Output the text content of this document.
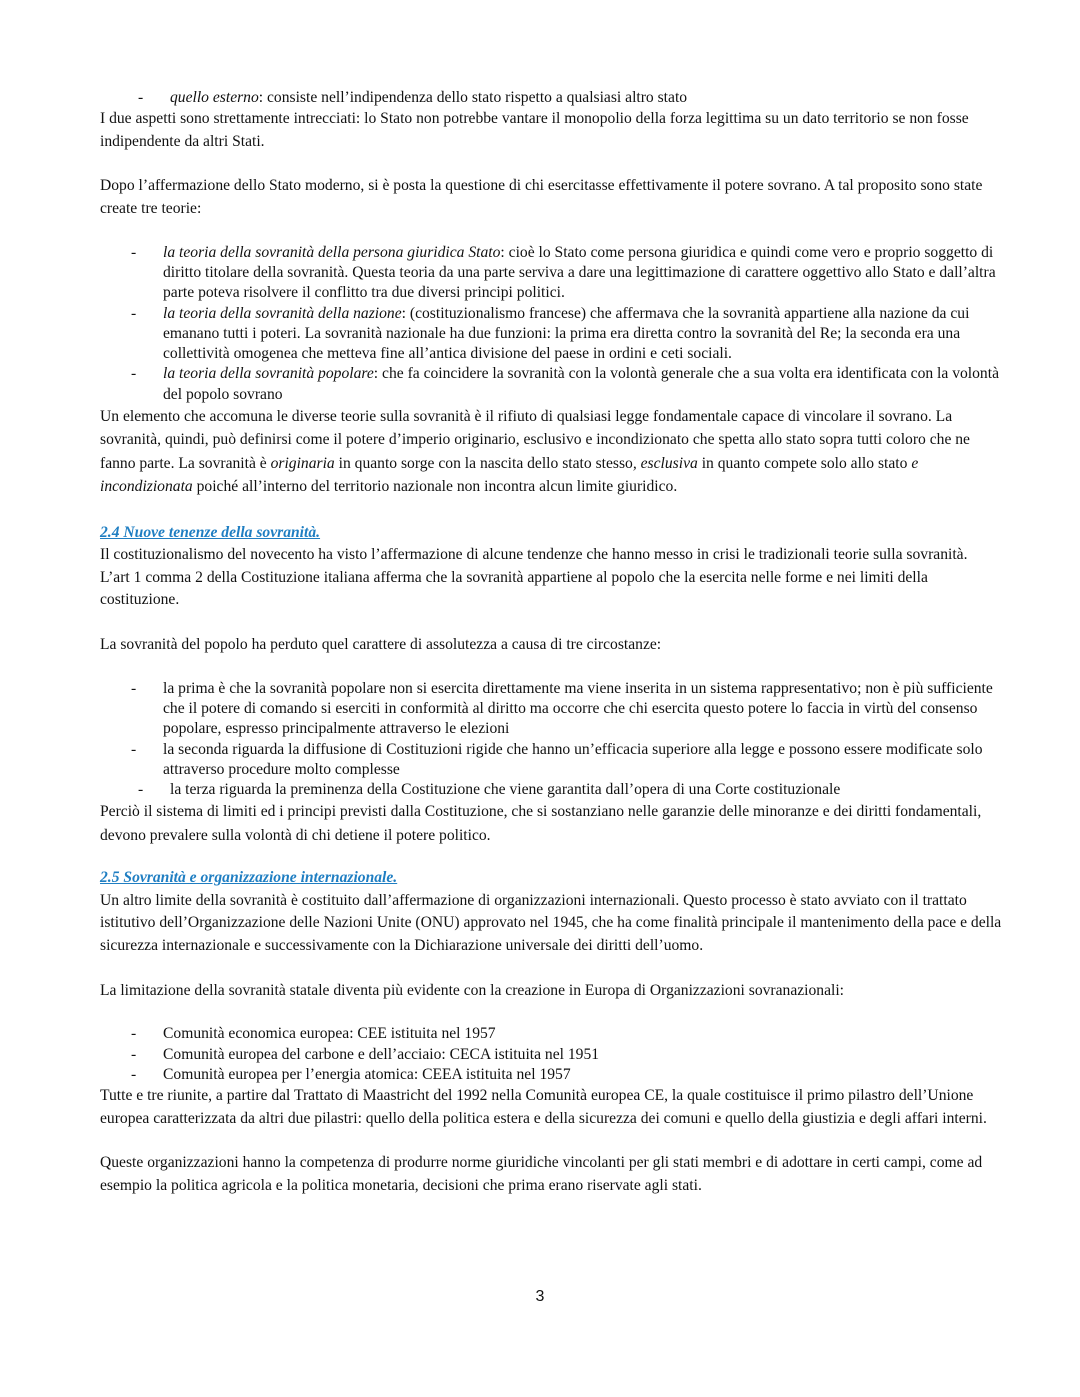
- quello esterno: consiste nell’indipendenza dello stato rispetto a qualsiasi altro stato

I due aspetti sono strettamente intrecciati: lo Stato non potrebbe vantare il monopolio della forza legittima su un dato territorio se non fosse indipendente da altri Stati.

Dopo l’affermazione dello Stato moderno, si è posta la questione di chi esercitasse effettivamente il potere sovrano. A tal proposito sono state create tre teorie:

- la teoria della sovranità della persona giuridica Stato: cioè lo Stato come persona giuridica e quindi come vero e proprio soggetto di diritto titolare della sovranità. Questa teoria da una parte serviva a dare una legittimazione di carattere oggettivo allo Stato e dall’altra parte poteva risolvere il conflitto tra due diversi principi politici.
- la teoria della sovranità della nazione: (costituzionalismo francese) che affermava che la sovranità appartiene alla nazione da cui emanano tutti i poteri. La sovranità nazionale ha due funzioni: la prima era diretta contro la sovranità del Re; la seconda era una collettività omogenea che metteva fine all’antica divisione del paese in ordini e ceti sociali.
- la teoria della sovranità popolare: che fa coincidere la sovranità con la volontà generale che a sua volta era identificata con la volontà del popolo sovrano

Un elemento che accomuna le diverse teorie sulla sovranità è il rifiuto di qualsiasi legge fondamentale capace di vincolare il sovrano. La sovranità, quindi, può definirsi come il potere d’imperio originario, esclusivo e incondizionato che spetta allo stato sopra tutti coloro che ne fanno parte. La sovranità è originaria in quanto sorge con la nascita dello stato stesso, esclusiva in quanto compete solo allo stato e incondizionata poiché all’interno del territorio nazionale non incontra alcun limite giuridico.

2.4 Nuove tenenze della sovranità.

Il costituzionalismo del novecento ha visto l’affermazione di alcune tendenze che hanno messo in crisi le tradizionali teorie sulla sovranità.

L’art 1 comma 2 della Costituzione italiana afferma che la sovranità appartiene al popolo che la esercita nelle forme e nei limiti della costituzione.

La sovranità del popolo ha perduto quel carattere di assolutezza a causa di tre circostanze:

- la prima è che la sovranità popolare non si esercita direttamente ma viene inserita in un sistema rappresentativo; non è più sufficiente che il potere di comando si eserciti in conformità al diritto ma occorre che chi esercita questo potere lo faccia in virtù del consenso popolare, espresso principalmente attraverso le elezioni
- la seconda riguarda la diffusione di Costituzioni rigide che hanno un’efficacia superiore alla legge e possono essere modificate solo attraverso procedure molto complesse
- la terza riguarda la preminenza della Costituzione che viene garantita dall’opera di una Corte costituzionale

Perciò il sistema di limiti ed i principi previsti dalla Costituzione, che si sostanziano nelle garanzie delle minoranze e dei diritti fondamentali, devono prevalere sulla volontà di chi detiene il potere politico.

2.5 Sovranità e organizzazione internazionale.

Un altro limite della sovranità è costituito dall’affermazione di organizzazioni internazionali. Questo processo è stato avviato con il trattato istitutivo dell’Organizzazione delle Nazioni Unite (ONU) approvato nel 1945, che ha come finalità principale il mantenimento della pace e della sicurezza internazionale e successivamente con la Dichiarazione universale dei diritti dell’uomo.

La limitazione della sovranità statale diventa più evidente con la creazione in Europa di Organizzazioni sovranazionali:

- Comunità economica europea: CEE istituita nel 1957
- Comunità europea del carbone e dell’acciaio: CECA istituita nel 1951
- Comunità europea per l’energia atomica: CEEA istituita nel 1957

Tutte e tre riunite, a partire dal Trattato di Maastricht del 1992 nella Comunità europea CE, la quale costituisce il primo pilastro dell’Unione europea caratterizzata da altri due pilastri: quello della politica estera e della sicurezza dei comuni e quello della giustizia e degli affari interni.

Queste organizzazioni hanno la competenza di produrre norme giuridiche vincolanti per gli stati membri e di adottare in certi campi, come ad esempio la politica agricola e la politica monetaria, decisioni che prima erano riservate agli stati.

3
